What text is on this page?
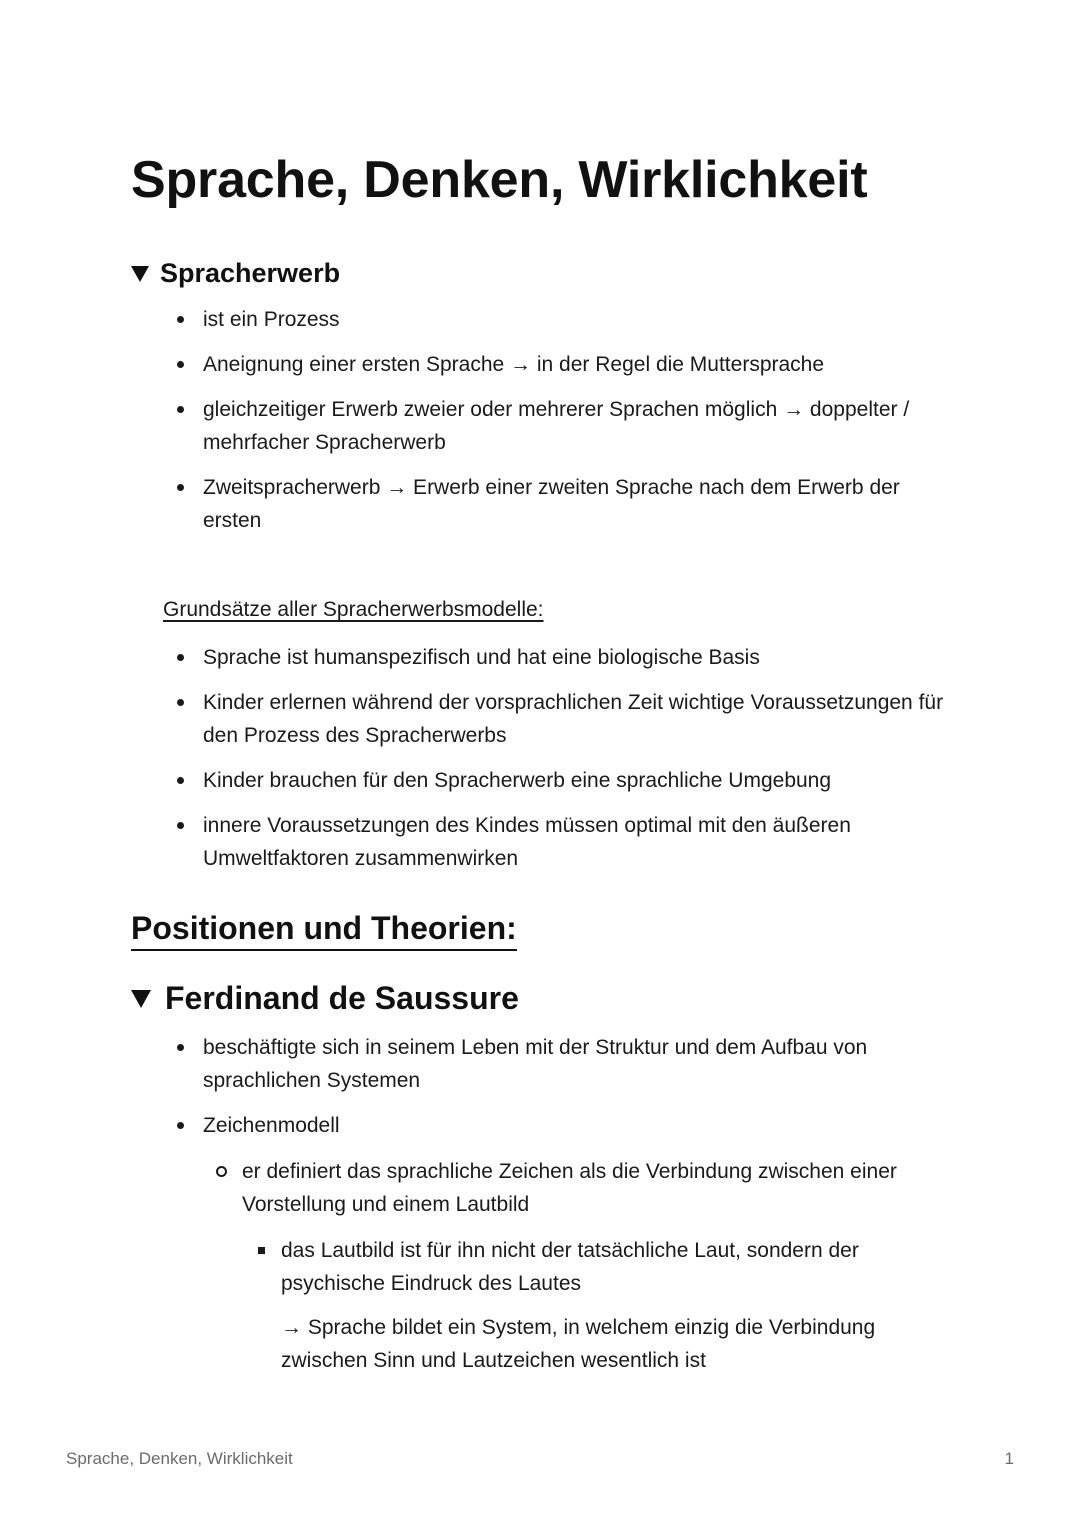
Sprache, Denken, Wirklichkeit
Spracherwerb
ist ein Prozess
Aneignung einer ersten Sprache → in der Regel die Muttersprache
gleichzeitiger Erwerb zweier oder mehrerer Sprachen möglich → doppelter / mehrfacher Spracherwerb
Zweitspracherwerb → Erwerb einer zweiten Sprache nach dem Erwerb der ersten

Grundsätze aller Spracherwerbsmodelle:

Sprache ist humanspezifisch und hat eine biologische Basis
Kinder erlernen während der vorsprachlichen Zeit wichtige Voraussetzungen für den Prozess des Spracherwerbs
Kinder brauchen für den Spracherwerb eine sprachliche Umgebung
innere Voraussetzungen des Kindes müssen optimal mit den äußeren Umweltfaktoren zusammenwirken
Positionen und Theorien:
Ferdinand de Saussure
beschäftigte sich in seinem Leben mit der Struktur und dem Aufbau von sprachlichen Systemen
Zeichenmodell
er definiert das sprachliche Zeichen als die Verbindung zwischen einer Vorstellung und einem Lautbild
das Lautbild ist für ihn nicht der tatsächliche Laut, sondern der psychische Eindruck des Lautes
→ Sprache bildet ein System, in welchem einzig die Verbindung zwischen Sinn und Lautzeichen wesentlich ist
Sprache, Denken, Wirklichkeit	1
